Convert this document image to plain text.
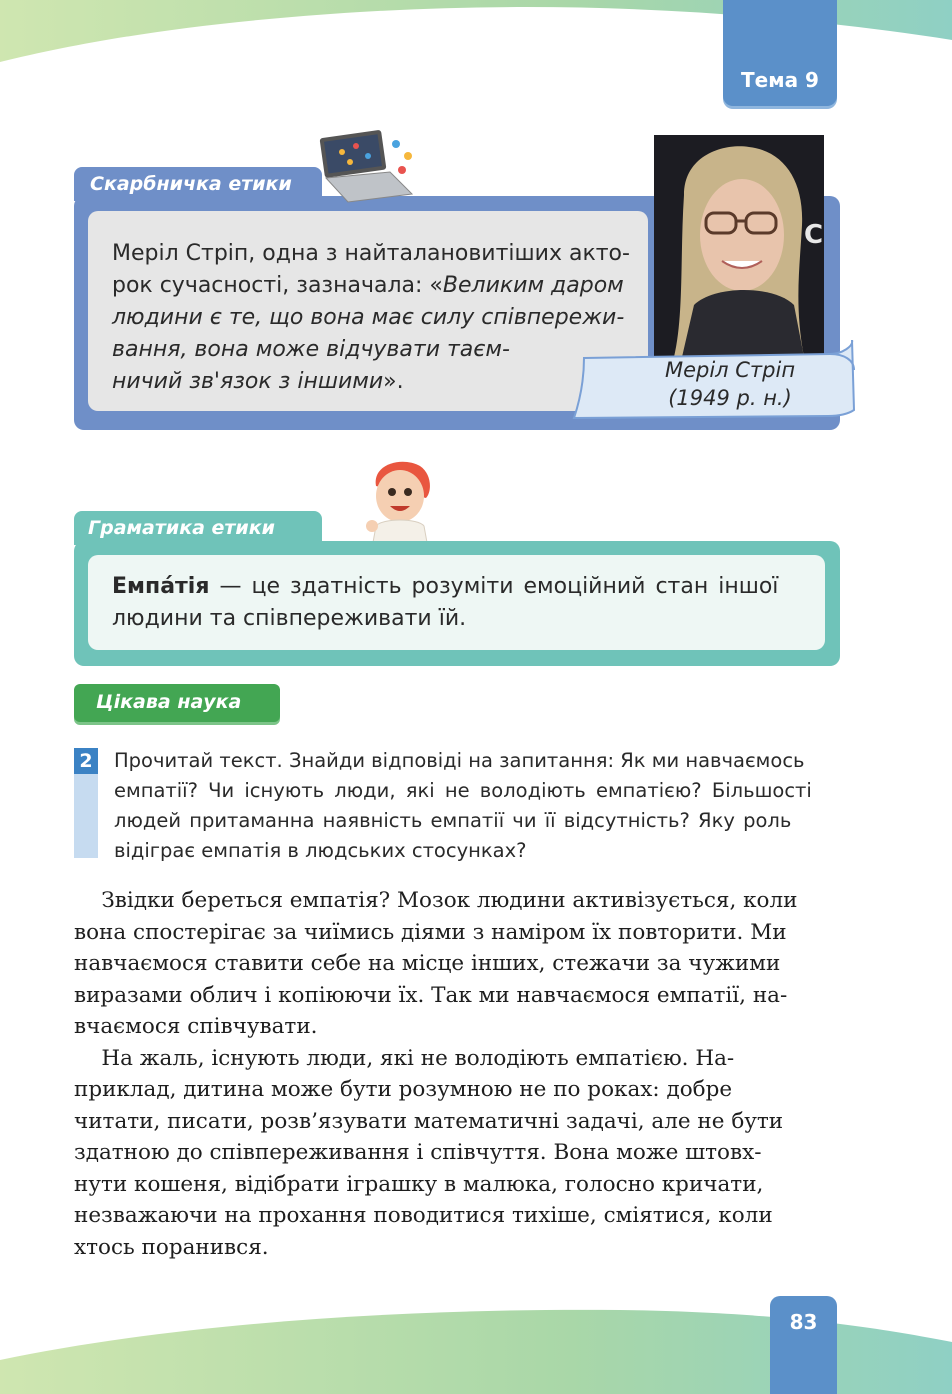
Тема 9
Скарбничка етики

Меріл Стріп, одна з найталановитіших акто-

рок сучасності, зазначала: «Великим даром

людини є те, що вона має силу співпережи-

вання, вона може відчувати таєм-

ничий зв'язок з іншими».

C
Меріл Стріп
(1949 р. н.)
Граматика етики

Емпа́тія — це здатність розуміти емоційний стан іншої

людини та співпереживати їй.

Цікава наука
2 Прочитай текст. Знайди відповіді на запитання: Як ми навчаємось

емпатії? Чи існують люди, які не володіють емпатією? Більшості

людей притаманна наявність емпатії чи її відсутність? Яку роль

відіграє емпатія в людських стосунках?

Звідки береться емпатія? Мозок людини активізується, коли

вона спостерігає за чиїмись діями з наміром їх повторити. Ми

навчаємося ставити себе на місце інших, стежачи за чужими

виразами облич і копіюючи їх. Так ми навчаємося емпатії, на-

вчаємося співчувати.

На жаль, існують люди, які не володіють емпатією. На-

приклад, дитина може бути розумною не по роках: добре

читати, писати, розв’язувати математичні задачі, але не бути

здатною до співпереживання і співчуття. Вона може штовх-

нути кошеня, відібрати іграшку в малюка, голосно кричати,

незважаючи на прохання поводитися тихіше, сміятися, коли

хтось поранився.

83
